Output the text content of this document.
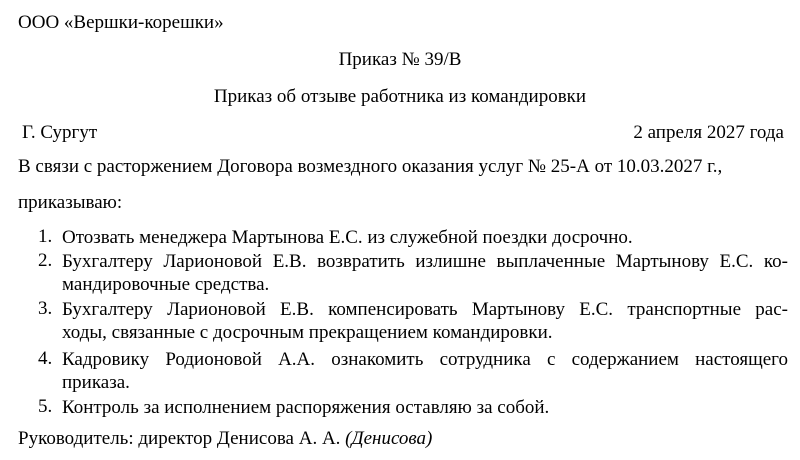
ООО «Вершки-корешки»
Приказ № 39/В
Приказ об отзыве работника из командировки
Г. Сургут	2 апреля 2027 года
В связи с расторжением Договора возмездного оказания услуг № 25-А от 10.03.2027 г.,
приказываю:
1. Отозвать менеджера Мартынова Е.С. из служебной поездки досрочно.
2. Бухгалтеру Ларионовой Е.В. возвратить излишне выплаченные Мартынову Е.С. ко-
мандировочные средства.
3. Бухгалтеру Ларионовой Е.В. компенсировать Мартынову Е.С. транспортные рас-
ходы, связанные с досрочным прекращением командировки.
4. Кадровику Родионовой А.А. ознакомить сотрудника с содержанием настоящего
приказа.
5. Контроль за исполнением распоряжения оставляю за собой.
Руководитель: директор Денисова А. А. (Денисова)
